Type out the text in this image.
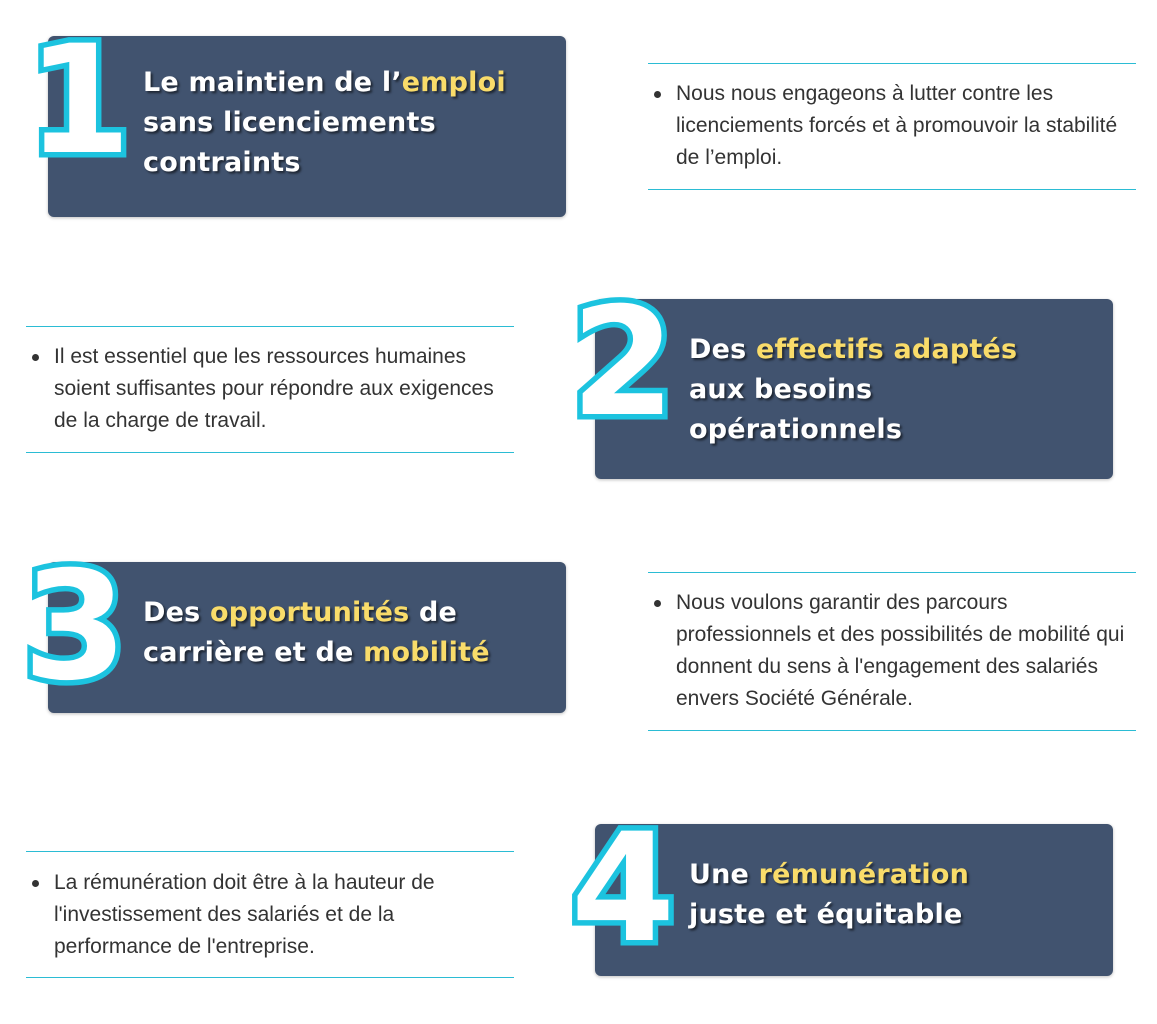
Le maintien de l’emploi
sans licenciements
contraints
1	Nous nous engageons à lutter contre les licenciements forcés et à promouvoir la stabilité de l’emploi.
Il est essentiel que les ressources humaines soient suffisantes pour répondre aux exigences de la charge de travail.
Des effectifs adaptés
aux besoins
opérationnels
2
Des opportunités de
carrière et de mobilité
3	Nous voulons garantir des parcours professionnels et des possibilités de mobilité qui donnent du sens à l'engagement des salariés envers Société Générale.
La rémunération doit être à la hauteur de l'investissement des salariés et de la performance de l'entreprise.
Une rémunération
juste et équitable
4
